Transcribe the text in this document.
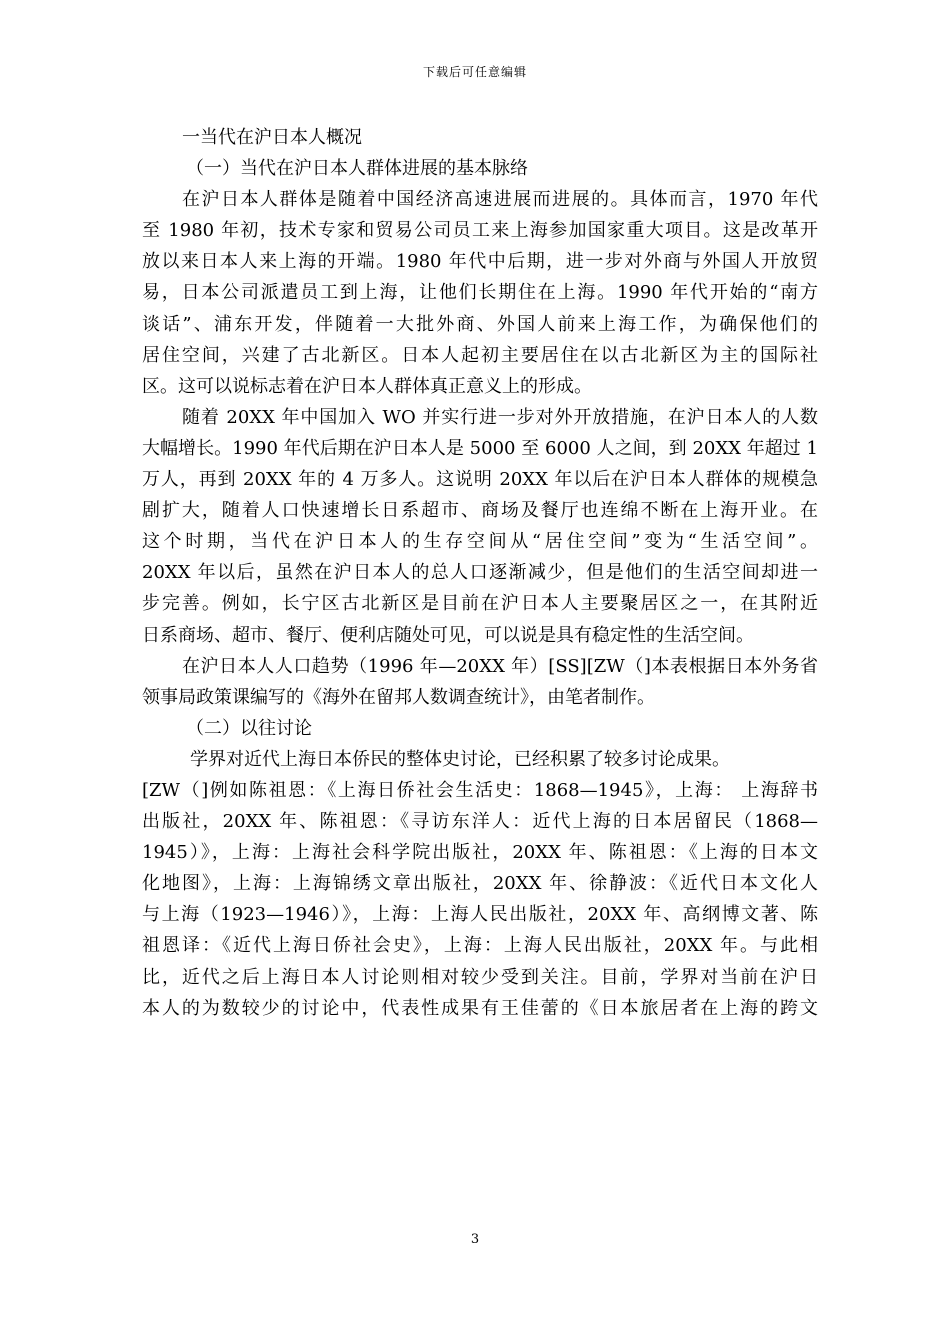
下载后可任意编辑
一当代在沪日本人概况
（一）当代在沪日本人群体进展的基本脉络
在沪日本人群体是随着中国经济高速进展而进展的。具体而言，1970 年代
至 1980 年初，技术专家和贸易公司员工来上海参加国家重大项目。这是改革开
放以来日本人来上海的开端。1980 年代中后期，进一步对外商与外国人开放贸
易，日本公司派遣员工到上海，让他们长期住在上海。1990 年代开始的“南方
谈话”、浦东开发，伴随着一大批外商、外国人前来上海工作，为确保他们的
居住空间，兴建了古北新区。日本人起初主要居住在以古北新区为主的国际社
区。这可以说标志着在沪日本人群体真正意义上的形成。
随着 20XX 年中国加入 WO 并实行进一步对外开放措施，在沪日本人的人数
大幅增长。1990 年代后期在沪日本人是 5000 至 6000 人之间，到 20XX 年超过 1
万人，再到 20XX 年的 4 万多人。这说明 20XX 年以后在沪日本人群体的规模急
剧扩大，随着人口快速增长日系超市、商场及餐厅也连绵不断在上海开业。在
这个时期，当代在沪日本人的生存空间从“居住空间”变为“生活空间”。
20XX 年以后，虽然在沪日本人的总人口逐渐减少，但是他们的生活空间却进一
步完善。例如，长宁区古北新区是目前在沪日本人主要聚居区之一，在其附近
日系商场、超市、餐厅、便利店随处可见，可以说是具有稳定性的生活空间。
在沪日本人人口趋势（1996 年—20XX 年）[SS][ZW（]本表根据日本外务省
领事局政策课编写的《海外在留邦人数调查统计》，由笔者制作。
（二）以往讨论
学界对近代上海日本侨民的整体史讨论，已经积累了较多讨论成果。
[ZW（]例如陈祖恩：《上海日侨社会生活史：1868—1945》，上海： 上海辞书
出版社，20XX 年、陈祖恩：《寻访东洋人：近代上海的日本居留民（1868—
1945）》，上海：上海社会科学院出版社，20XX 年、陈祖恩：《上海的日本文
化地图》，上海：上海锦绣文章出版社，20XX 年、徐静波：《近代日本文化人
与上海（1923—1946）》，上海：上海人民出版社，20XX 年、高纲博文著、陈
祖恩译：《近代上海日侨社会史》，上海：上海人民出版社，20XX 年。与此相
比，近代之后上海日本人讨论则相对较少受到关注。目前，学界对当前在沪日
本人的为数较少的讨论中，代表性成果有王佳蕾的《日本旅居者在上海的跨文
3
